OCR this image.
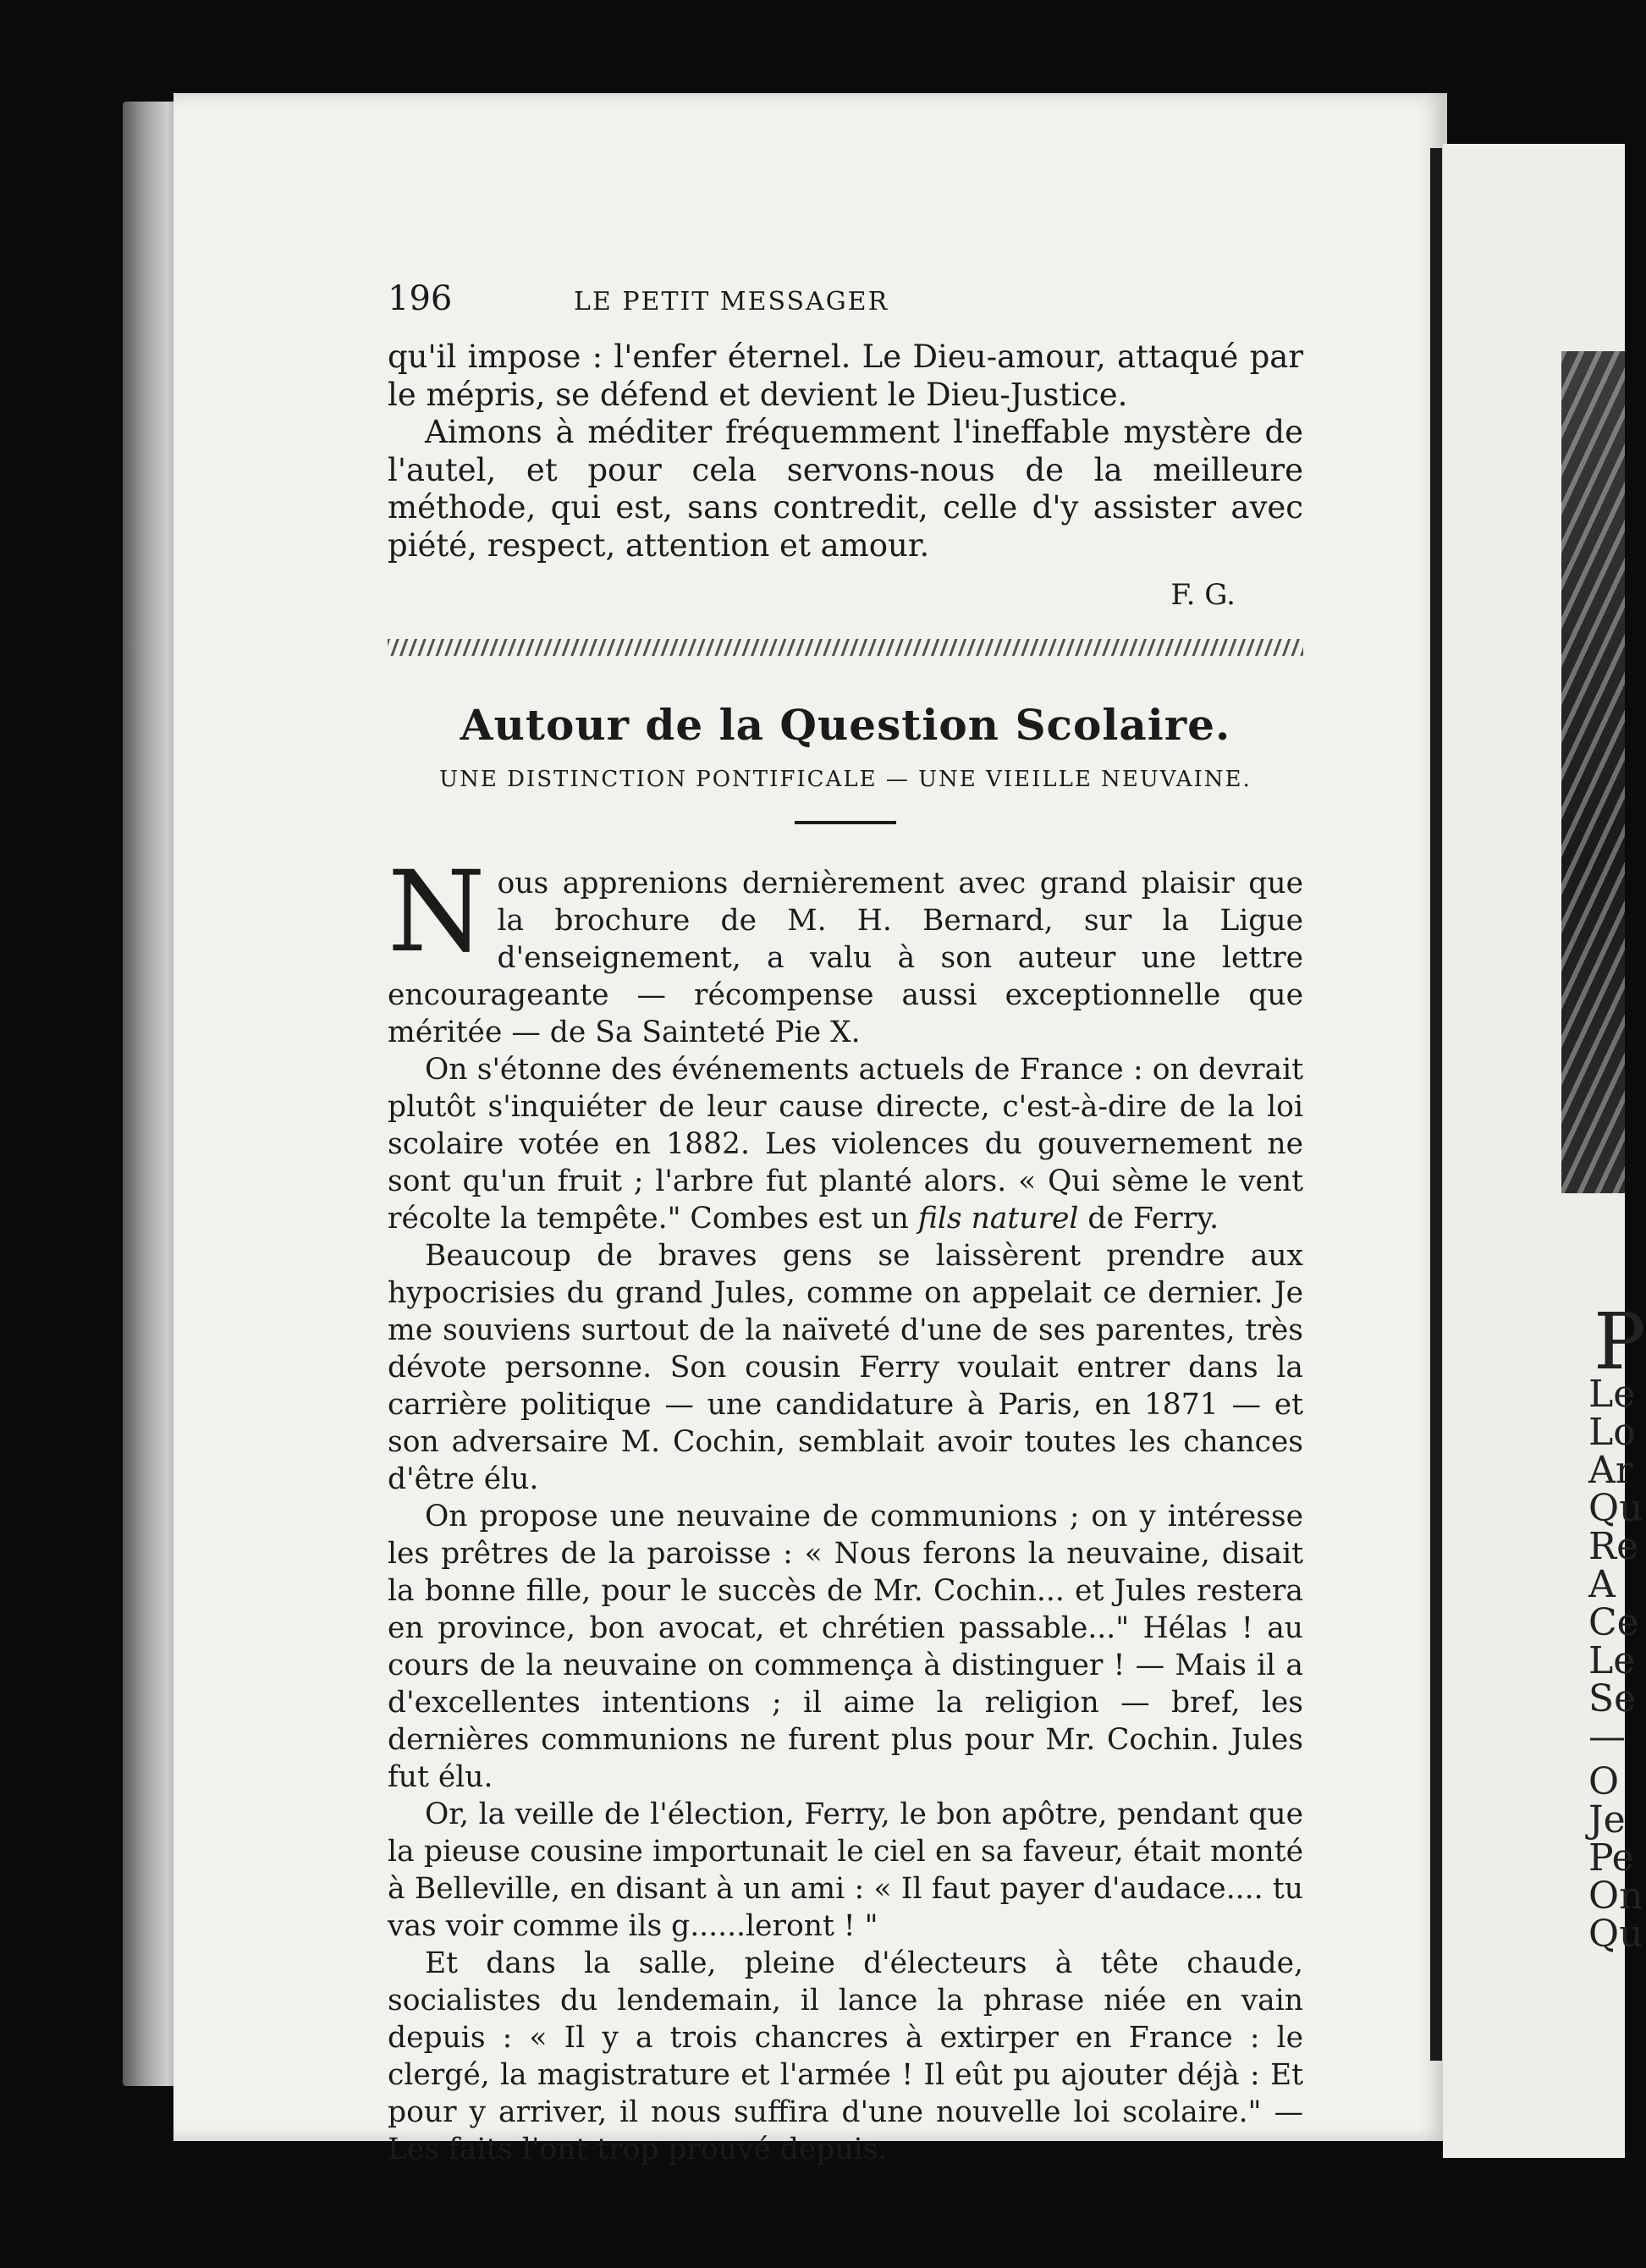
196	LE PETIT MESSAGER

qu'il impose : l'enfer éternel. Le Dieu-amour, attaqué par le mépris, se défend et devient le Dieu-Justice.

Aimons à méditer fréquemment l'ineffable mystère de l'autel, et pour cela servons-nous de la meilleure méthode, qui est, sans contredit, celle d'y assister avec piété, respect, attention et amour.

F. G.
Autour de la Question Scolaire.
UNE DISTINCTION PONTIFICALE — UNE VIEILLE NEUVAINE.

Nous apprenions dernièrement avec grand plaisir que la brochure de M. H. Bernard, sur la Ligue d'enseignement, a valu à son auteur une lettre encourageante — récompense aussi exceptionnelle que méritée — de Sa Sainteté Pie X.

On s'étonne des événements actuels de France : on devrait plutôt s'inquiéter de leur cause directe, c'est-à-dire de la loi scolaire votée en 1882. Les violences du gouvernement ne sont qu'un fruit ; l'arbre fut planté alors. « Qui sème le vent récolte la tempête." Combes est un fils naturel de Ferry.

Beaucoup de braves gens se laissèrent prendre aux hypocrisies du grand Jules, comme on appelait ce dernier. Je me souviens surtout de la naïveté d'une de ses parentes, très dévote personne. Son cousin Ferry voulait entrer dans la carrière politique — une candidature à Paris, en 1871 — et son adversaire M. Cochin, semblait avoir toutes les chances d'être élu.

On propose une neuvaine de communions ; on y intéresse les prêtres de la paroisse : « Nous ferons la neuvaine, disait la bonne fille, pour le succès de Mr. Cochin... et Jules restera en province, bon avocat, et chrétien passable..." Hélas ! au cours de la neuvaine on commença à distinguer ! — Mais il a d'excellentes intentions ; il aime la religion — bref, les dernières communions ne furent plus pour Mr. Cochin. Jules fut élu.

Or, la veille de l'élection, Ferry, le bon apôtre, pendant que la pieuse cousine importunait le ciel en sa faveur, était monté à Belleville, en disant à un ami : « Il faut payer d'audace.... tu vas voir comme ils g......leront ! "

Et dans la salle, pleine d'électeurs à tête chaude, socialistes du lendemain, il lance la phrase niée en vain depuis : « Il y a trois chancres à extirper en France : le clergé, la magistrature et l'armée ! Il eût pu ajouter déjà : Et pour y arriver, il nous suffira d'une nouvelle loi scolaire." — Les faits l'ont trop prouvé depuis.

P
Le
Lo
Ar
Qu
Re
A
Ce
Le
Se
—
O
Je
Pe
On
Qu
